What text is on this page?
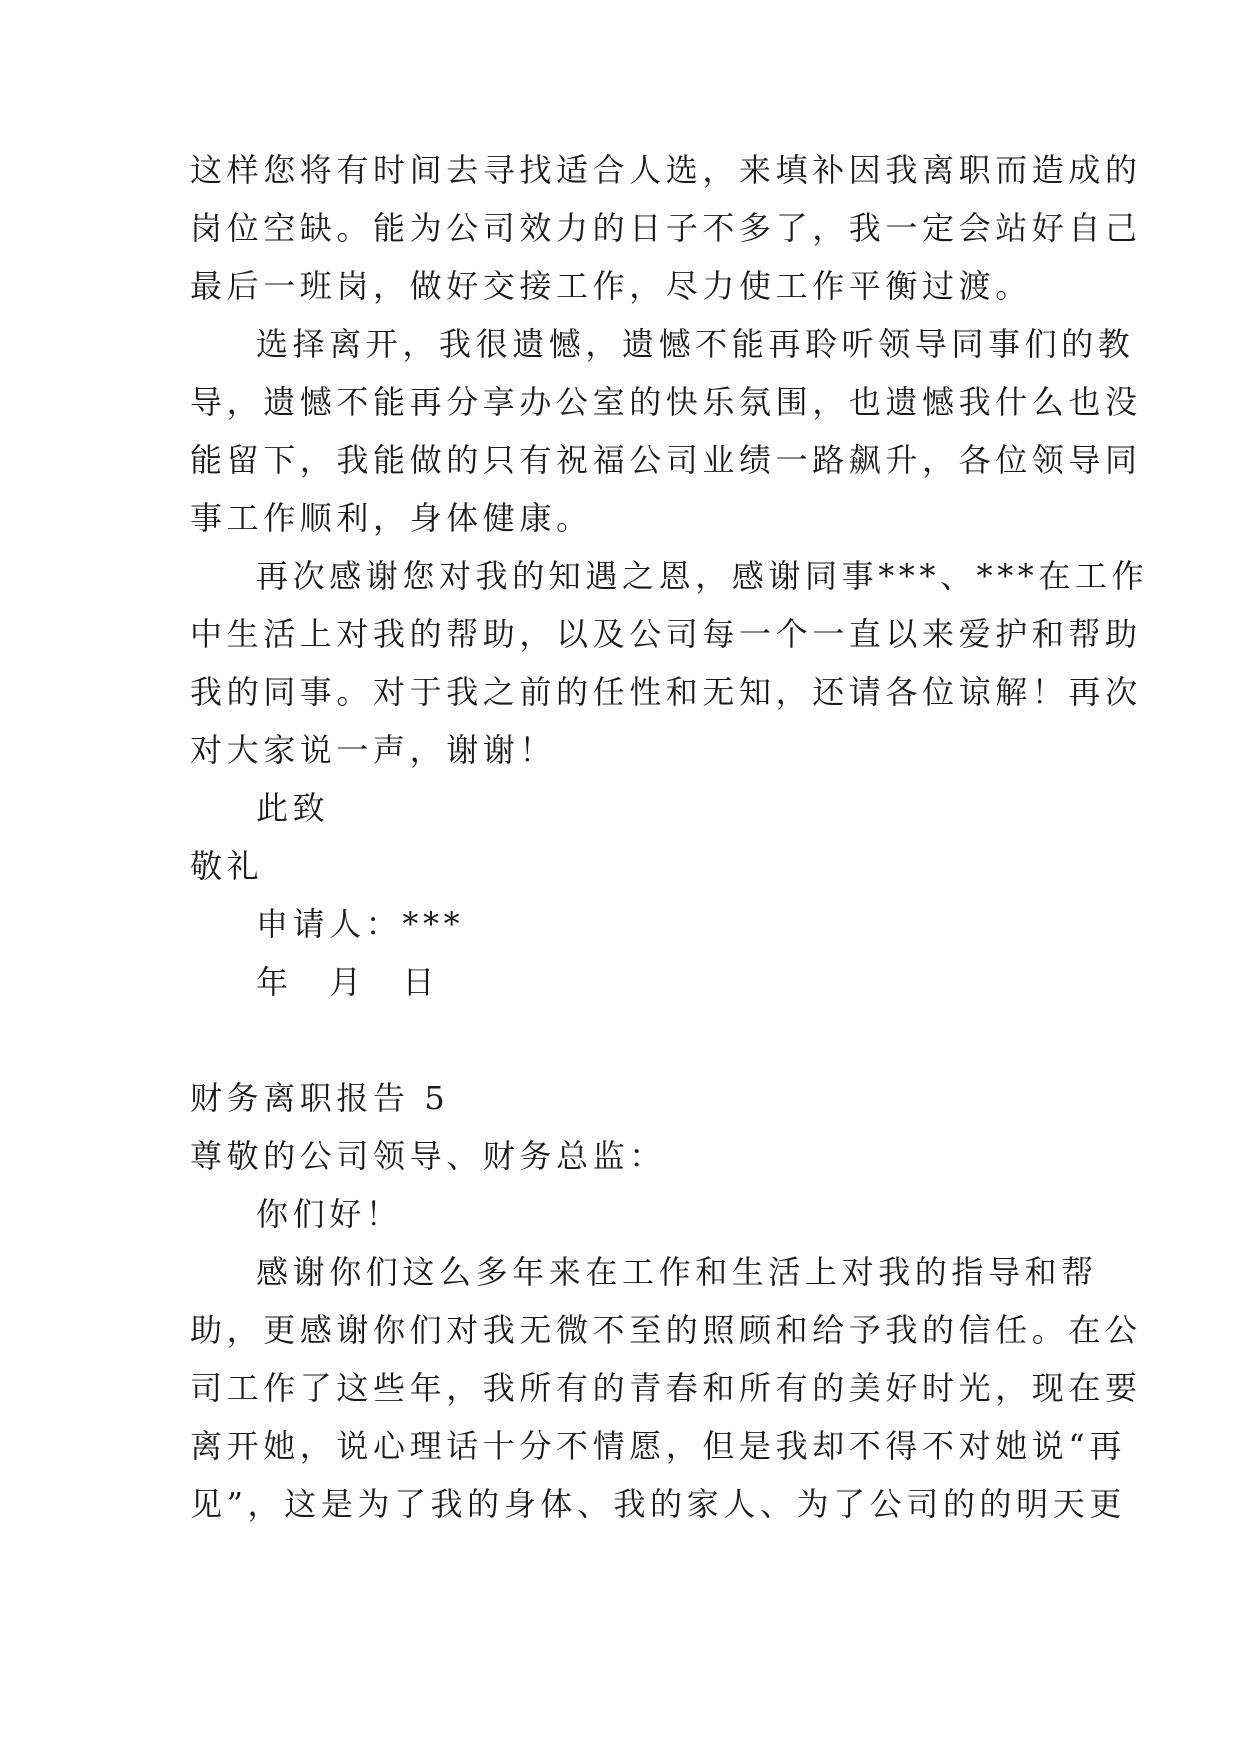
这样您将有时间去寻找适合人选，来填补因我离职而造成的

岗位空缺。能为公司效力的日子不多了，我一定会站好自己

最后一班岗，做好交接工作，尽力使工作平衡过渡。

选择离开，我很遗憾，遗憾不能再聆听领导同事们的教

导，遗憾不能再分享办公室的快乐氛围，也遗憾我什么也没

能留下，我能做的只有祝福公司业绩一路飙升，各位领导同

事工作顺利，身体健康。

再次感谢您对我的知遇之恩，感谢同事***、***在工作

中生活上对我的帮助，以及公司每一个一直以来爱护和帮助

我的同事。对于我之前的任性和无知，还请各位谅解！再次

对大家说一声，谢谢！

此致

敬礼

申请人：***

年　月　日

财务离职报告 5

尊敬的公司领导、财务总监：

你们好！

感谢你们这么多年来在工作和生活上对我的指导和帮

助，更感谢你们对我无微不至的照顾和给予我的信任。在公

司工作了这些年，我所有的青春和所有的美好时光，现在要

离开她，说心理话十分不情愿，但是我却不得不对她说“再

见”，这是为了我的身体、我的家人、为了公司的的明天更
